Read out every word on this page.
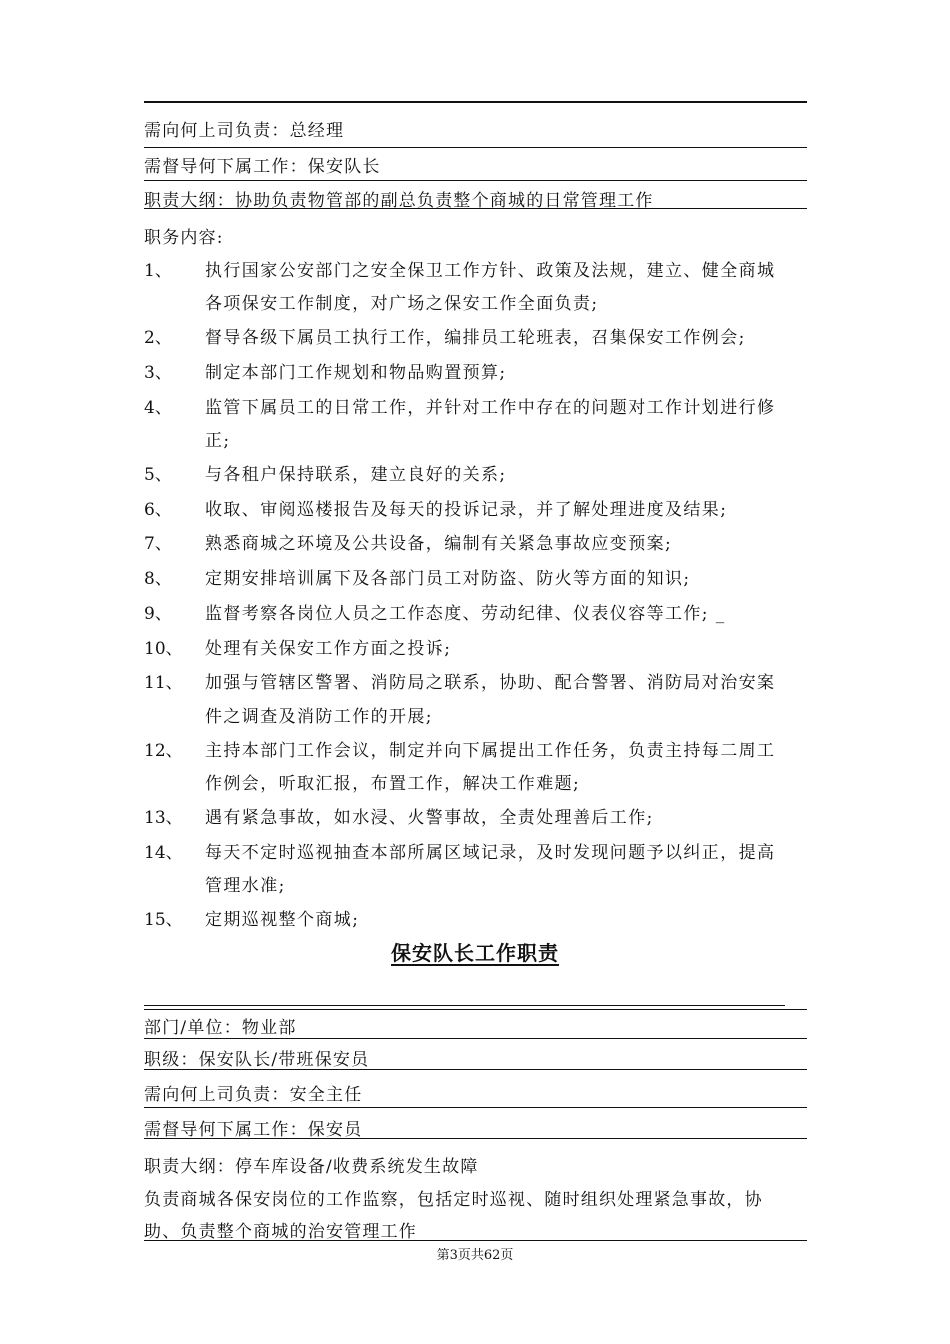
需向何上司负责：总经理
需督导何下属工作：保安队长
职责大纲：协助负责物管部的副总负责整个商城的日常管理工作
职务内容:
1、 执行国家公安部门之安全保卫工作方针、政策及法规，建立、健全商城
各项保安工作制度，对广场之保安工作全面负责;
2、 督导各级下属员工执行工作，编排员工轮班表，召集保安工作例会;
3、 制定本部门工作规划和物品购置预算;
4、 监管下属员工的日常工作，并针对工作中存在的问题对工作计划进行修
正;
5、 与各租户保持联系，建立良好的关系;
6、 收取、审阅巡楼报告及每天的投诉记录，并了解处理进度及结果;
7、 熟悉商城之环境及公共设备，编制有关紧急事故应变预案;
8、 定期安排培训属下及各部门员工对防盗、防火等方面的知识;
9、 监督考察各岗位人员之工作态度、劳动纪律、仪表仪容等工作; _
10、 处理有关保安工作方面之投诉;
11、 加强与管辖区警署、消防局之联系，协助、配合警署、消防局对治安案
件之调查及消防工作的开展;
12、 主持本部门工作会议，制定并向下属提出工作任务，负责主持每二周工
作例会，听取汇报，布置工作，解决工作难题;
13、 遇有紧急事故，如水浸、火警事故，全责处理善后工作;
14、 每天不定时巡视抽查本部所属区域记录，及时发现问题予以纠正，提高
管理水准;
15、 定期巡视整个商城;
保安队长工作职责
部门/单位：物业部
职级：保安队长/带班保安员
需向何上司负责：安全主任
需督导何下属工作：保安员
职责大纲：停车库设备/收费系统发生故障
负责商城各保安岗位的工作监察，包括定时巡视、随时组织处理紧急事故，协
助、负责整个商城的治安管理工作
第3页共62页
